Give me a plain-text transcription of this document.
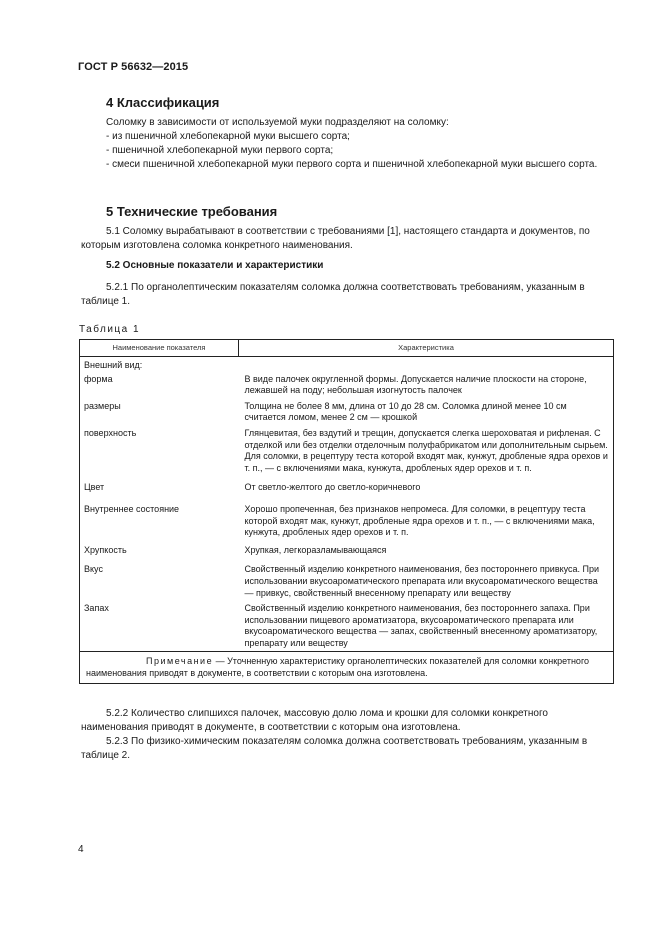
ГОСТ Р 56632—2015
4 Классификация
Соломку в зависимости от используемой муки подразделяют на соломку:
- из пшеничной хлебопекарной муки высшего сорта;
- пшеничной хлебопекарной муки первого сорта;
- смеси пшеничной хлебопекарной муки первого сорта и пшеничной хлебопекарной муки высшего сорта.
5 Технические требования
5.1 Соломку вырабатывают в соответствии с требованиями [1], настоящего стандарта и документов, по которым изготовлена соломка конкретного наименования.
5.2 Основные показатели и характеристики
5.2.1 По органолептическим показателям соломка должна соответствовать требованиям, указанным в таблице 1.
Таблица 1
Наименование показателя	Характеристика
Внешний вид:	
форма	В виде палочек округленной формы. Допускается наличие плоскости на стороне, лежавшей на поду; небольшая изогнутость палочек
размеры	Толщина не более 8 мм, длина от 10 до 28 см. Соломка длиной менее 10 см считается ломом, менее 2 см — крошкой
поверхность	Глянцевитая, без вздутий и трещин, допускается слегка шероховатая и рифленая. С отделкой или без отделки отделочным полуфабрикатом или дополнительным сырьем. Для соломки, в рецептуру теста которой входят мак, кунжут, дробленые ядра орехов и т. п., — с включениями мака, кунжута, дробленых ядер орехов и т. п.
Цвет	От светло-желтого до светло-коричневого
Внутреннее состояние	Хорошо пропеченная, без признаков непромеса. Для соломки, в рецептуру теста которой входят мак, кунжут, дробленые ядра орехов и т. п., — с включениями мака, кунжута, дробленых ядер орехов и т. п.
Хрупкость	Хрупкая, легкоразламывающаяся
Вкус	Свойственный изделию конкретного наименования, без постороннего привкуса. При использовании вкусоароматического препарата или вкусоароматического вещества — привкус, свойственный внесенному препарату или веществу
Запах	Свойственный изделию конкретного наименования, без постороннего запаха. При использовании пищевого ароматизатора, вкусоароматического препарата или вкусоароматического вещества — запах, свойственный внесенному ароматизатору, препарату или веществу
Примечание — Уточненную характеристику органолептических показателей для соломки конкретного наименования приводят в документе, в соответствии с которым она изготовлена.	
5.2.2 Количество слипшихся палочек, массовую долю лома и крошки для соломки конкретного наименования приводят в документе, в соответствии с которым она изготовлена.
5.2.3 По физико-химическим показателям соломка должна соответствовать требованиям, указанным в таблице 2.
4
